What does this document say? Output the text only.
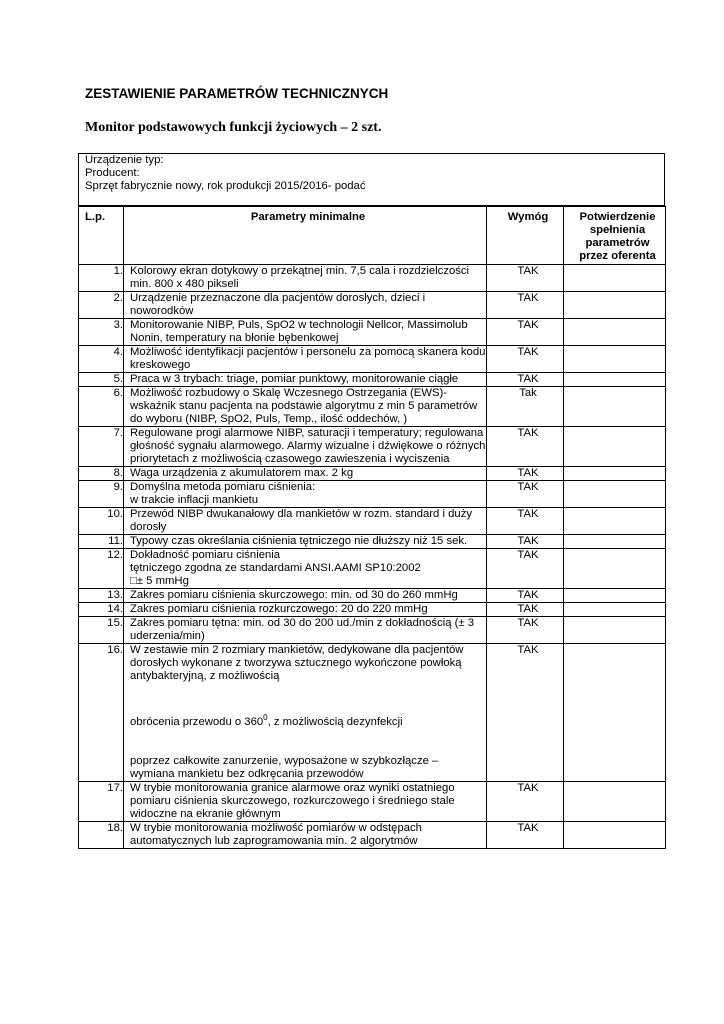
ZESTAWIENIE PARAMETRÓW TECHNICZNYCH
Monitor podstawowych funkcji życiowych – 2 szt.
Urządzenie typ:
Producent:
Sprzęt fabrycznie nowy, rok produkcji 2015/2016- podać
L.p.	Parametry minimalne	Wymóg	Potwierdzenie spełnienia parametrów przez oferenta
1.	Kolorowy ekran dotykowy o przekątnej min. 7,5 cala i rozdzielczości min. 800 x 480 pikseli	TAK	
2.	Urządzenie przeznaczone dla pacjentów dorosłych, dzieci i noworodków	TAK	
3.	Monitorowanie NIBP, Puls, SpO2 w technologii Nellcor, Massimolub Nonin, temperatury na błonie bębenkowej	TAK	
4.	Możliwość identyfikacji pacjentów i personelu za pomocą skanera kodu kreskowego	TAK	
5.	Praca w 3 trybach: triage, pomiar punktowy, monitorowanie ciągłe	TAK	
6.	Możliwość rozbudowy o Skalę Wczesnego Ostrzegania (EWS)- wskaźnik stanu pacjenta na podstawie algorytmu z min 5 parametrów do wyboru (NIBP, SpO2, Puls, Temp., ilość oddechów, )	Tak	
7.	Regulowane progi alarmowe NIBP, saturacji i temperatury; regulowana głośność sygnału alarmowego. Alarmy wizualne i dźwiękowe o różnych priorytetach z możliwością czasowego zawieszenia i wyciszenia	TAK	
8.	Waga urządzenia z akumulatorem max. 2 kg	TAK	
9.	Domyślna metoda pomiaru ciśnienia:
w trakcie inflacji mankietu	TAK	
10.	Przewód NIBP dwukanałowy dla mankietów w rozm. standard i duży dorosły	TAK	
11.	Typowy czas określania ciśnienia tętniczego nie dłuższy niż 15 sek.	TAK	
12.	Dokładność pomiaru ciśnienia
tętniczego zgodna ze standardami ANSI.AAMI SP10:2002
□± 5 mmHg	TAK	
13.	Zakres pomiaru ciśnienia skurczowego: min. od 30 do 260 mmHg	TAK	
14.	Zakres pomiaru ciśnienia rozkurczowego: 20 do 220 mmHg	TAK	
15.	Zakres pomiaru tętna: min. od 30 do 200 ud./min z dokładnością (± 3 uderzenia/min)	TAK	
16.	W zestawie min 2 rozmiary mankietów, dedykowane dla pacjentów dorosłych wykonane z tworzywa sztucznego wykończone powłoką antybakteryjną, z możliwością
obrócenia przewodu o $360^0$, z możliwością dezynfekcji
poprzez całkowite zanurzenie, wyposażone w szybkozłącze – wymiana mankietu bez odkręcania przewodów	TAK	
17.	W trybie monitorowania granice alarmowe oraz wyniki ostatniego pomiaru ciśnienia skurczowego, rozkurczowego i średniego stale widoczne na ekranie głównym	TAK	
18.	W trybie monitorowania możliwość pomiarów w odstępach automatycznych lub zaprogramowania min. 2 algorytmów	TAK	
